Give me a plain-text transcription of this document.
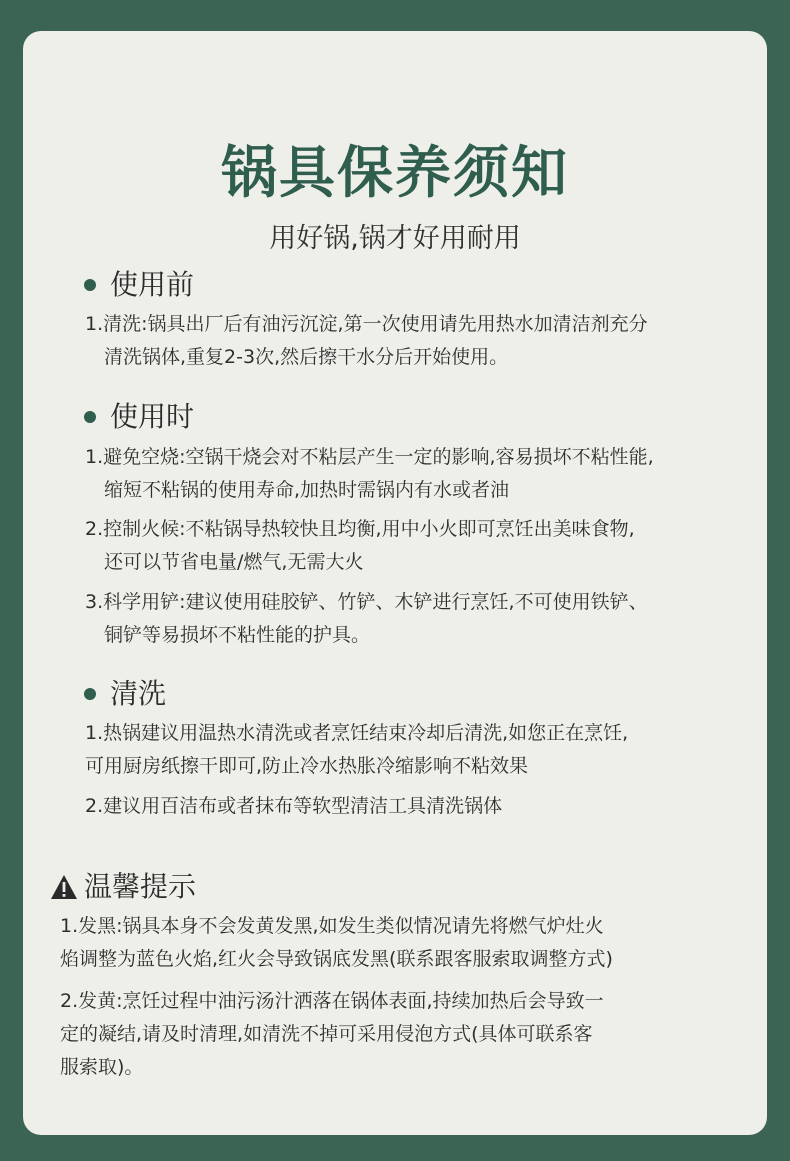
锅具保养须知
用好锅,锅才好用耐用
使用前
1.清洗:锅具出厂后有油污沉淀,第一次使用请先用热水加清洁剂充分
清洗锅体,重复2-3次,然后擦干水分后开始使用。
使用时
1.避免空烧:空锅干烧会对不粘层产生一定的影响,容易损坏不粘性能,
缩短不粘锅的使用寿命,加热时需锅内有水或者油
2.控制火候:不粘锅导热较快且均衡,用中小火即可烹饪出美味食物,
还可以节省电量/燃气,无需大火
3.科学用铲:建议使用硅胶铲、竹铲、木铲进行烹饪,不可使用铁铲、
铜铲等易损坏不粘性能的护具。
清洗
1.热锅建议用温热水清洗或者烹饪结束冷却后清洗,如您正在烹饪,
可用厨房纸擦干即可,防止冷水热胀冷缩影响不粘效果
2.建议用百洁布或者抹布等软型清洁工具清洗锅体
温馨提示
1.发黑:锅具本身不会发黄发黑,如发生类似情况请先将燃气炉灶火
焰调整为蓝色火焰,红火会导致锅底发黑(联系跟客服索取调整方式)
2.发黄:烹饪过程中油污汤汁洒落在锅体表面,持续加热后会导致一
定的凝结,请及时清理,如清洗不掉可采用侵泡方式(具体可联系客
服索取)。
